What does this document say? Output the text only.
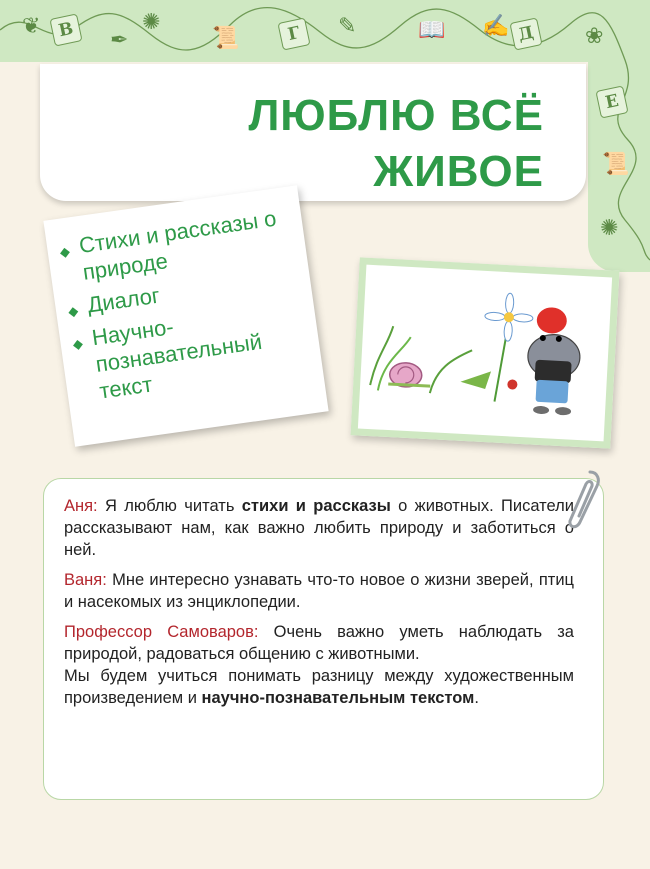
❦ В ✒
✺
📜	Г ✎	📖 ✍ Д ❀
Е
📜
✺
ЛЮБЛЮ ВСЁ
ЖИВОЕ
◆ Стихи и рассказы о природе
◆ Диалог
◆ Научно-познавательный текст

Аня: Я люблю читать стихи и рассказы о животных. Писатели рассказывают нам, как важно любить природу и заботиться о ней.

Ваня: Мне интересно узнавать что-то новое о жизни зверей, птиц и насекомых из энциклопедии.

Профессор Самоваров: Очень важно уметь наблюдать за природой, радоваться общению с животными.

Мы будем учиться понимать разницу между художественным произведением и научно-познавательным текстом.
